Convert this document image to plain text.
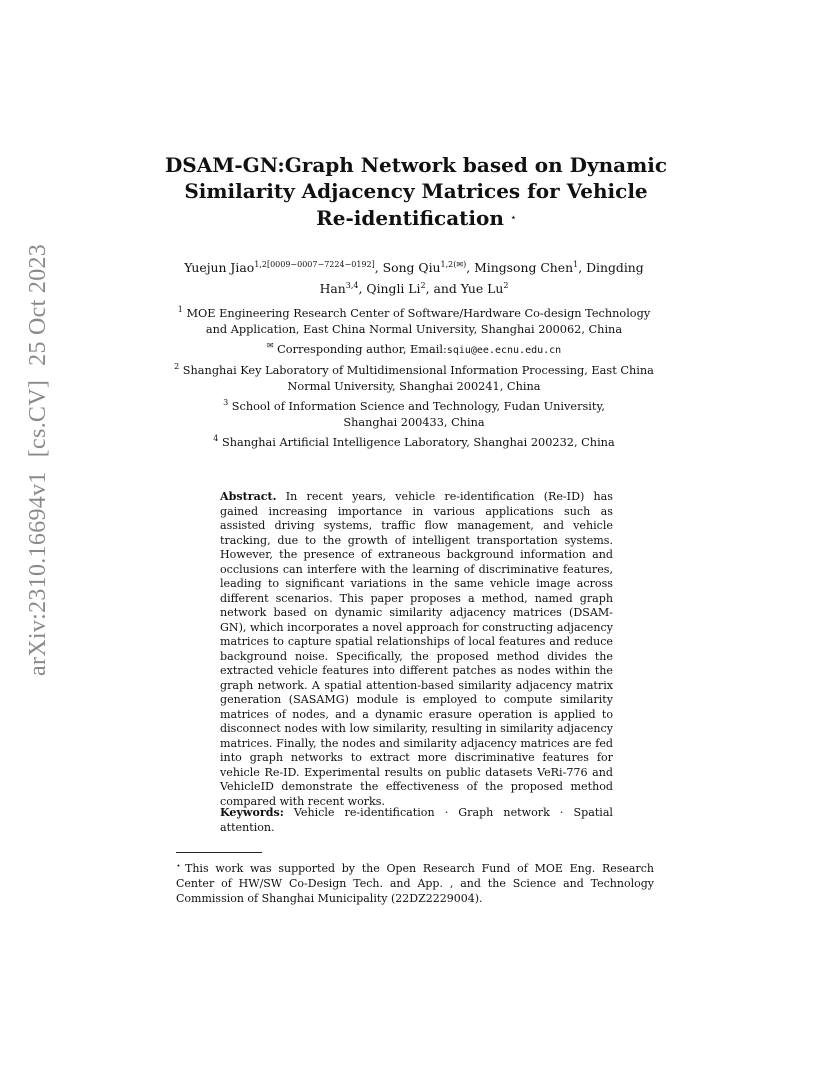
arXiv:2310.16694v1[cs.CV]25 Oct 2023
DSAM-GN:Graph Network based on Dynamic
Similarity Adjacency Matrices for Vehicle
Re-identification ⋆
Yuejun Jiao$^{1,2[0009-0007-7224-0192]}$, Song Qiu$^{1,2(✉)}$, Mingsong Chen$^1$, Dingding
Han$^{3,4}$, Qingli Li$^2$, and Yue Lu$^2$
$^1$ MOE Engineering Research Center of Software/Hardware Co-design Technology
and Application, East China Normal University, Shanghai 200062, China
✉ Corresponding author, Email:sqiu@ee.ecnu.edu.cn
$^2$ Shanghai Key Laboratory of Multidimensional Information Processing, East China
Normal University, Shanghai 200241, China
$^3$ School of Information Science and Technology, Fudan University,
Shanghai 200433, China
$^4$ Shanghai Artificial Intelligence Laboratory, Shanghai 200232, China
Abstract. In recent years, vehicle re-identification (Re-ID) has gained increasing importance in various applications such as assisted driving systems, traffic flow management, and vehicle tracking, due to the growth of intelligent transportation systems. However, the presence of extraneous background information and occlusions can interfere with the learning of discriminative features, leading to significant variations in the same vehicle image across different scenarios. This paper proposes a method, named graph network based on dynamic similarity adjacency matrices (DSAM-GN), which incorporates a novel approach for constructing adjacency matrices to capture spatial relationships of local features and reduce background noise. Specifically, the proposed method divides the extracted vehicle features into different patches as nodes within the graph network. A spatial attention-based similarity adjacency matrix generation (SASAMG) module is employed to compute similarity matrices of nodes, and a dynamic erasure operation is applied to disconnect nodes with low similarity, resulting in similarity adjacency matrices. Finally, the nodes and similarity adjacency matrices are fed into graph networks to extract more discriminative features for vehicle Re-ID. Experimental results on public datasets VeRi-776 and VehicleID demonstrate the effectiveness of the proposed method compared with recent works.
Keywords: Vehicle re-identification · Graph network · Spatial attention.
⋆ This work was supported by the Open Research Fund of MOE Eng. Research Center of HW/SW Co-Design Tech. and App. , and the Science and Technology Commission of Shanghai Municipality (22DZ2229004).
